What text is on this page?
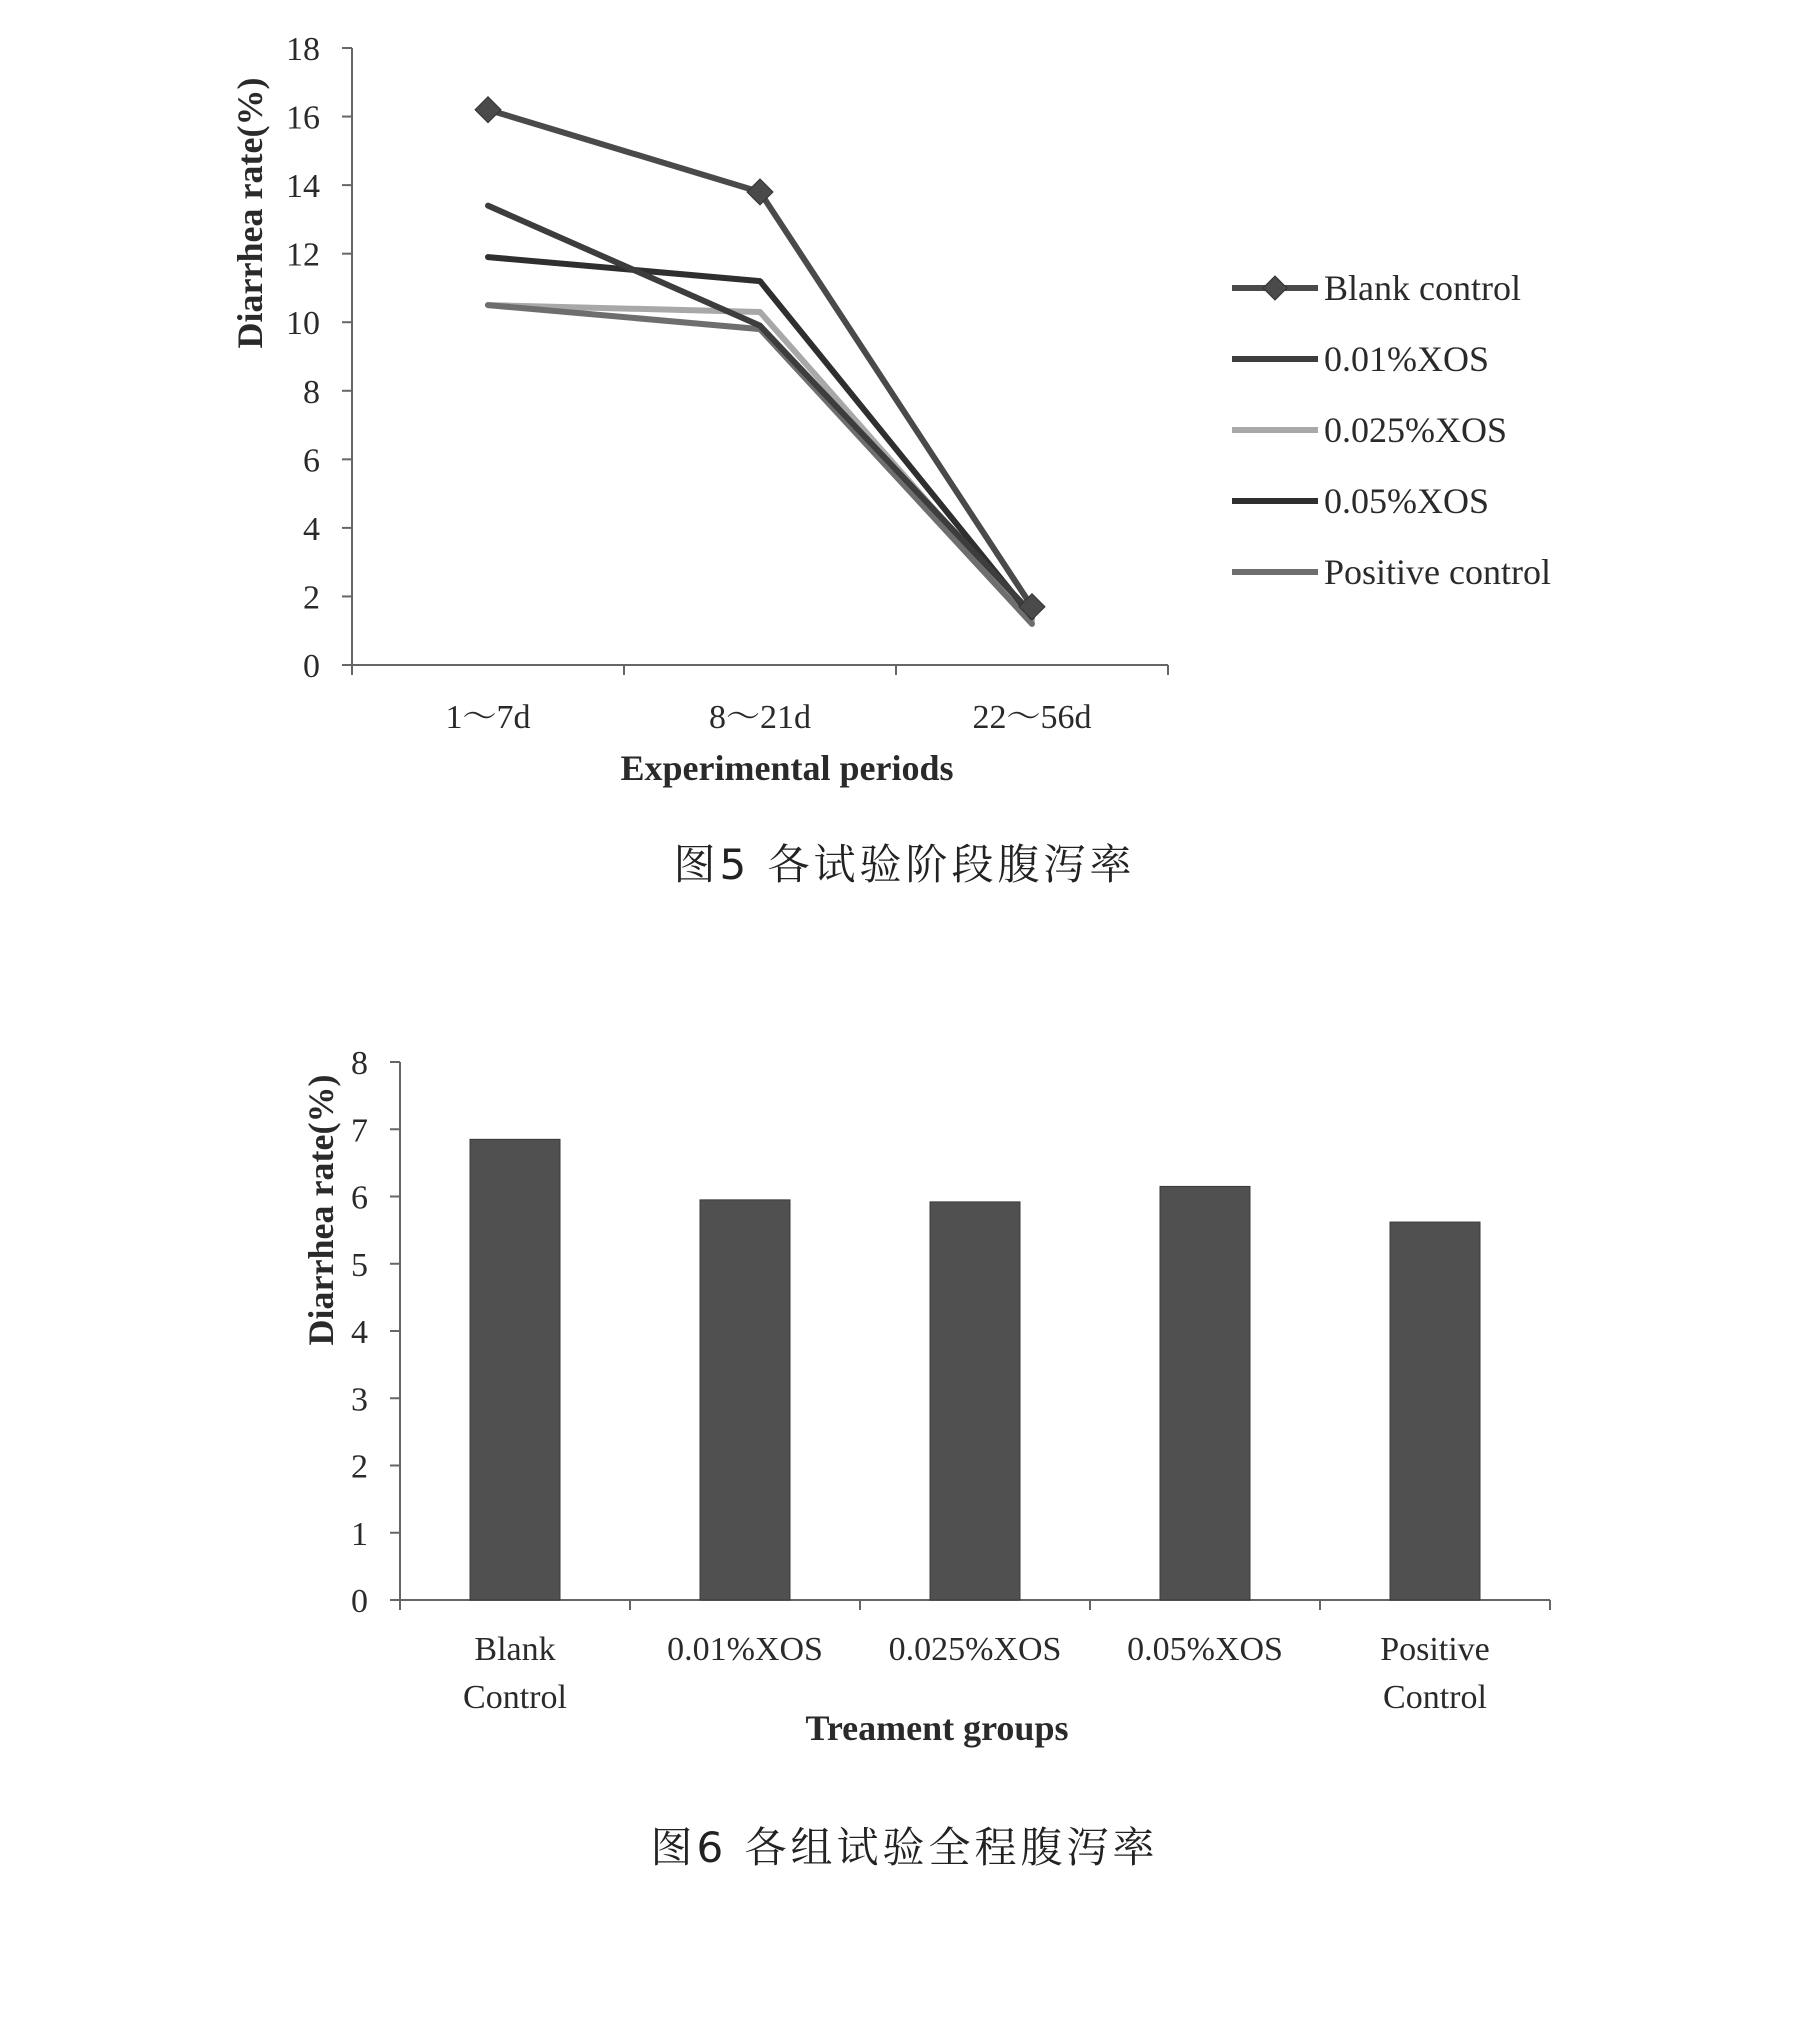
0
2
4
6
8
10
12
14
16
18
1～7d	8～21d	22～56d
Diarrhea rate(%)
Experimental periods
Blank control
0.01%XOS
0.025%XOS
0.05%XOS
Positive control
0
1
2
3
4
5
6
7
8
Blank
Control
0.01%XOS 0.025%XOS 0.05%XOS	Positive
Control
Diarrhea rate(%)
Treament groups
图5 各试验阶段腹泻率
图6 各组试验全程腹泻率
